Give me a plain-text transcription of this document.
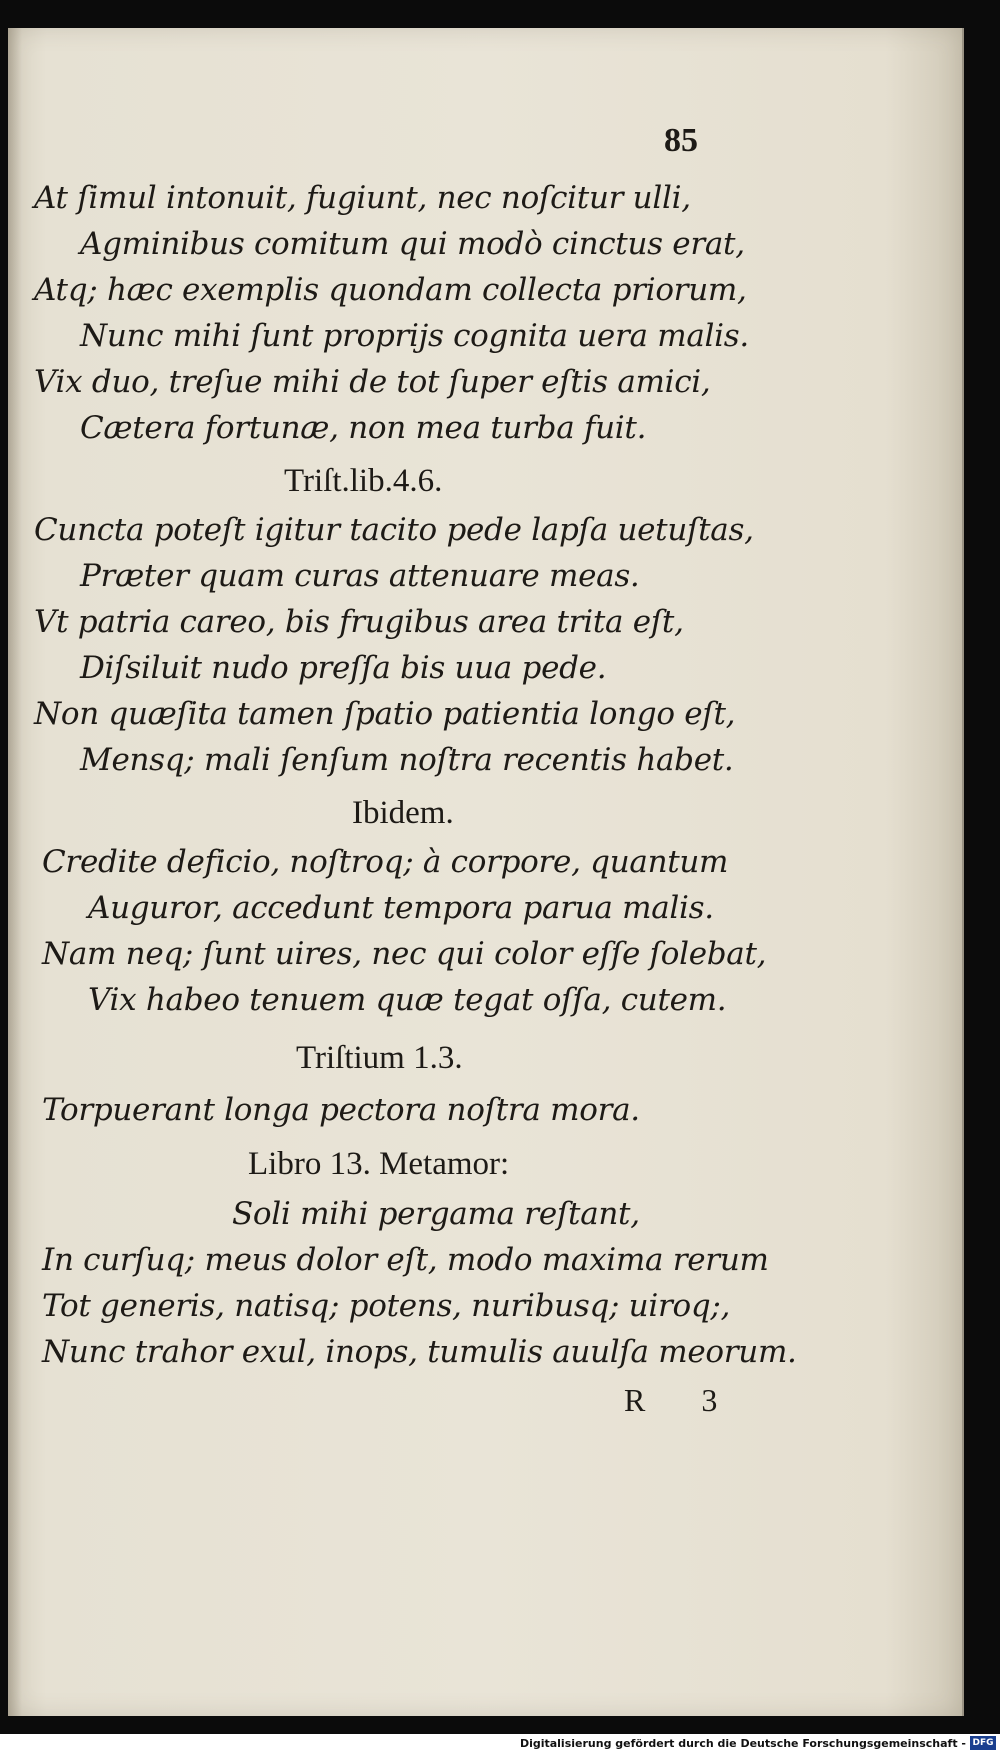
85
At ſimul intonuit, fugiunt, nec noſcitur ulli,
Agminibus comitum qui modò cinctus erat,
Atq; hæc exemplis quondam collecta priorum,
Nunc mihi ſunt proprijs cognita uera malis.
Vix duo, treſue mihi de tot ſuper eſtis amici,
Cætera fortunæ, non mea turba fuit.
Triſt.lib.4.6.
Cuncta poteſt igitur tacito pede lapſa uetuſtas,
Præter quam curas attenuare meas.
Vt patria careo, bis frugibus area trita eſt,
Diſsiluit nudo preſſa bis uua pede.
Non quæſita tamen ſpatio patientia longo eſt,
Mensq; mali ſenſum noſtra recentis habet.
Ibidem.
Credite deficio, noſtroq; à corpore, quantum
Auguror, accedunt tempora parua malis.
Nam neq; ſunt uires, nec qui color eſſe ſolebat,
Vix habeo tenuem quæ tegat oſſa, cutem.
Triſtium 1.3.
Torpuerant longa pectora noſtra mora.
Libro 13. Metamor:
Soli mihi pergama reſtant,
In curſuq; meus dolor eſt, modo maxima rerum
Tot generis, natisq; potens, nuribusq; uiroq;,
Nunc trahor exul, inops, tumulis auulſa meorum.
R 3
Digitalisierung gefördert durch die Deutsche Forschungsgemeinschaft - DFG
